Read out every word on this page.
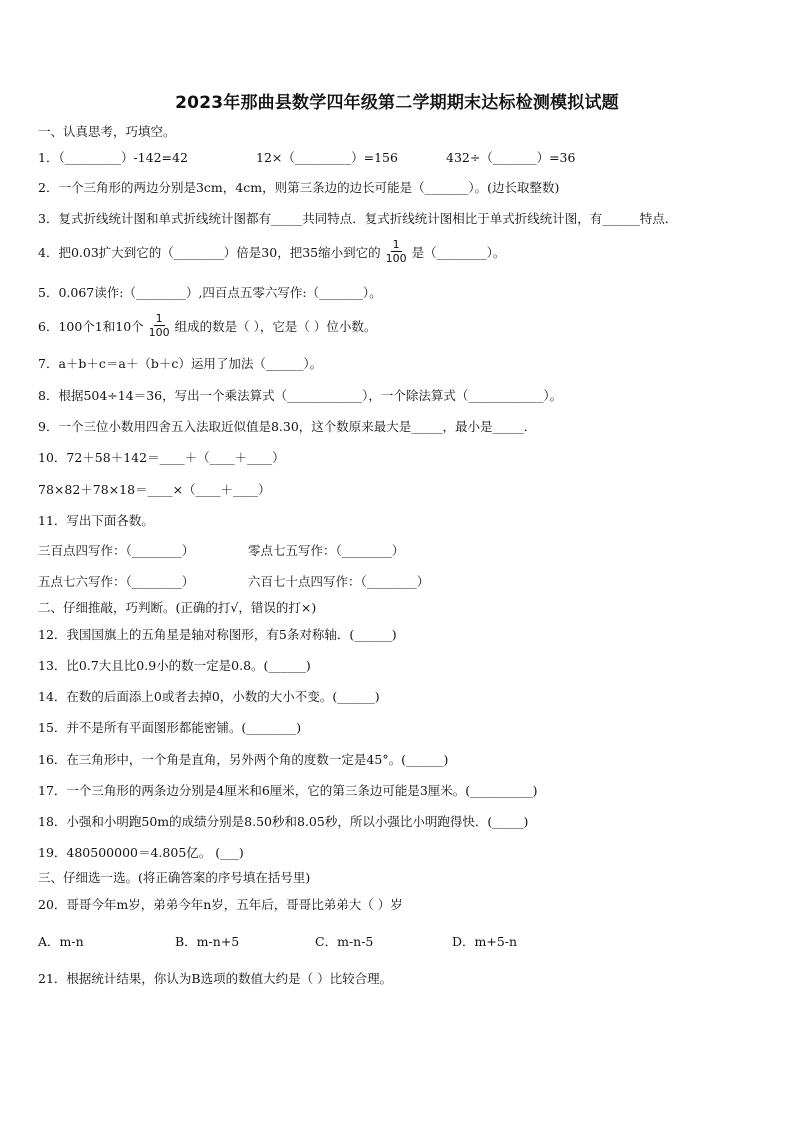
2023年那曲县数学四年级第二学期期末达标检测模拟试题
一、认真思考，巧填空。
1．（_________）-142=42	12×（_________）=156	432÷（_______）=36
2．一个三角形的两边分别是3cm，4cm，则第三条边的边长可能是（_______）。(边长取整数)
3．复式折线统计图和单式折线统计图都有_____共同特点．复式折线统计图相比于单式折线统计图，有______特点．
4．把0.03扩大到它的（________）倍是30，把35缩小到它的 $\frac{1}{100}$ 是（________）。
5．0.067读作:（________）,四百点五零六写作:（_______）。
6．100个1和10个 $\frac{1}{100}$ 组成的数是（ ），它是（ ）位小数。
7．a＋b＋c＝a＋（b＋c）运用了加法（______）。
8．根据504÷14＝36，写出一个乘法算式（____________），一个除法算式（____________）。
9．一个三位小数用四舍五入法取近似值是8.30，这个数原来最大是_____，最小是_____．
10．72＋58＋142＝____＋（____＋____）
78×82＋78×18＝____×（____＋____）
11．写出下面各数。
三百点四写作：（________）	零点七五写作：（________）
五点七六写作：（________）	六百七十点四写作：（________）
二、仔细推敲，巧判断。(正确的打√，错误的打×)
12．我国国旗上的五角星是轴对称图形，有5条对称轴．(______)
13．比0.7大且比0.9小的数一定是0.8。(______)
14．在数的后面添上0或者去掉0，小数的大小不变。(______)
15．并不是所有平面图形都能密铺。(________)
16．在三角形中，一个角是直角，另外两个角的度数一定是45°。(______)
17．一个三角形的两条边分别是4厘米和6厘米，它的第三条边可能是3厘米。(__________)
18．小强和小明跑50m的成绩分别是8.50秒和8.05秒，所以小强比小明跑得快．(_____)
19．480500000＝4.805亿。 (___)
三、仔细选一选。(将正确答案的序号填在括号里)
20．哥哥今年m岁，弟弟今年n岁，五年后，哥哥比弟弟大（ ）岁
A．m-n	B．m-n+5	C．m-n-5	D．m+5-n
21．根据统计结果，你认为B选项的数值大约是（ ）比较合理。
